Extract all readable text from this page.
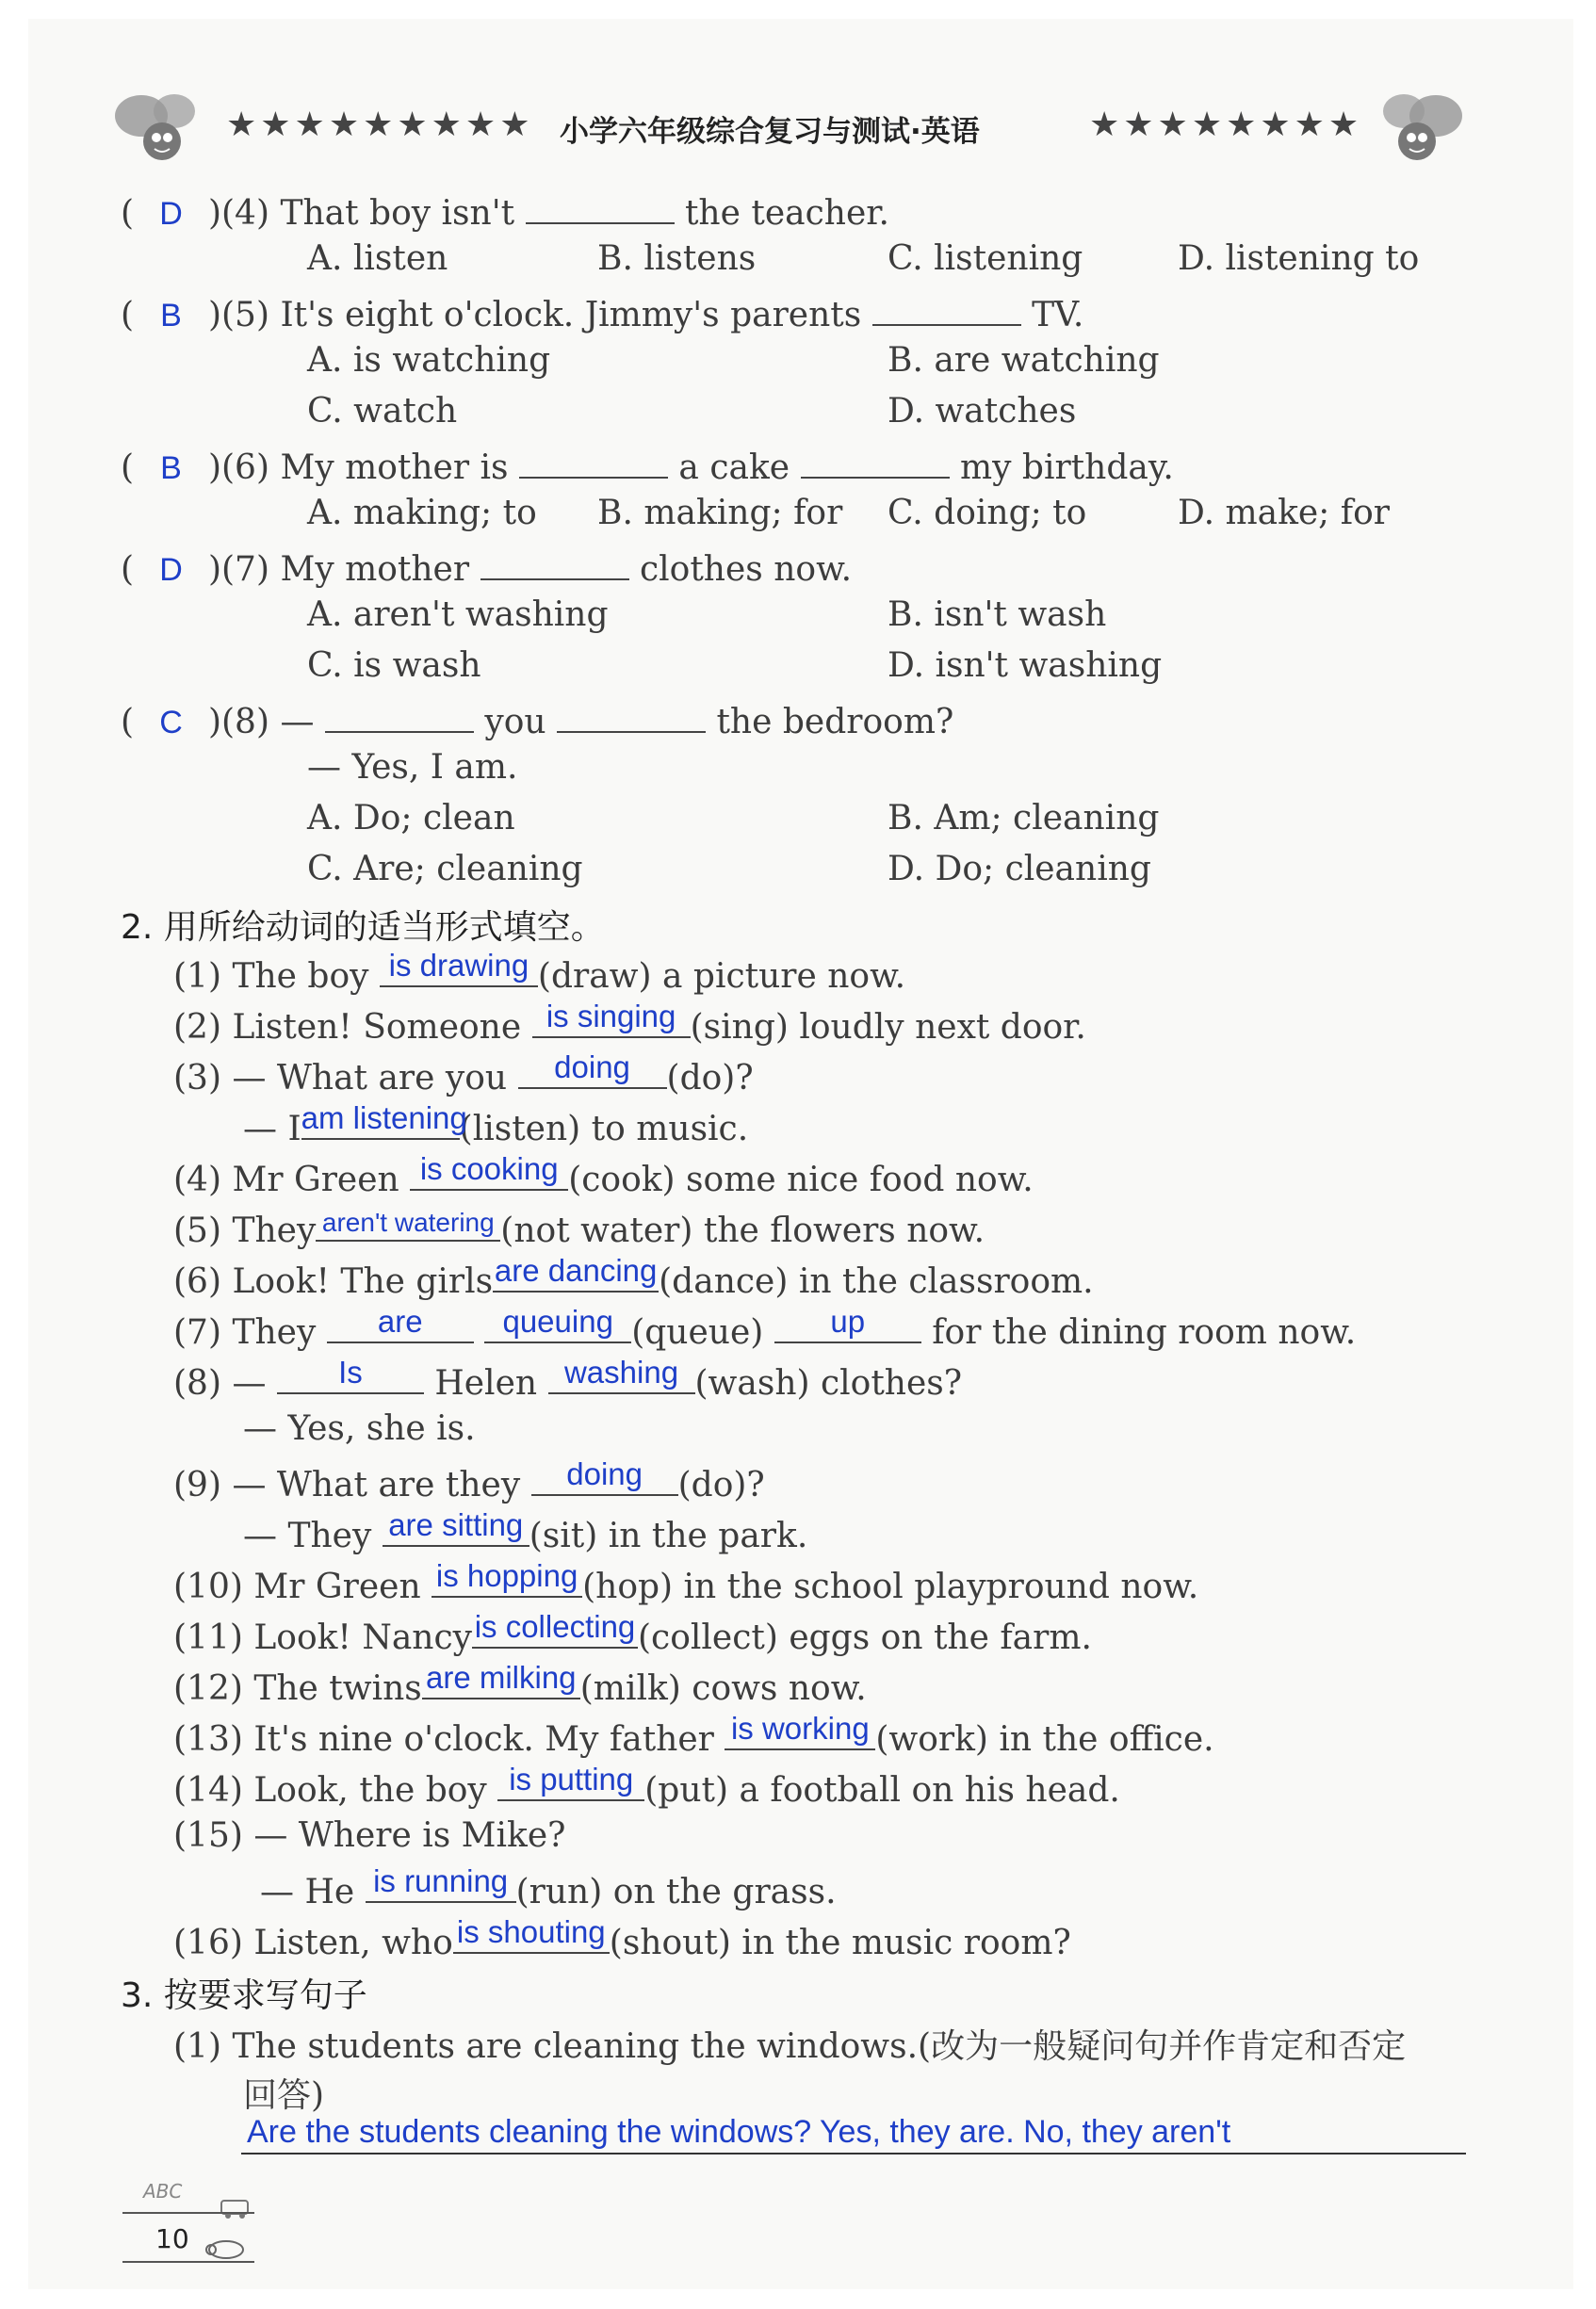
★★★★★★★★★ 小学六年级综合复习与测试·英语	★★★★★★★★
( D )(4) That boy isn't	the teacher.
A. listen	B. listens	C. listening	D. listening to
( B )(5) It's eight o'clock. Jimmy's parents	TV.
A. is watching	B. are watching
C. watch	D. watches
( B )(6) My mother is	a cake	my birthday.
A. making; to B. making; for C. doing; to	D. make; for
( D )(7) My mother	clothes now.
A. aren't washing	B. isn't wash
C. is wash	D. isn't washing
( C )(8) —	you	the bedroom?
— Yes, I am.
A. Do; clean	B. Am; cleaning
C. Are; cleaning	D. Do; cleaning
2. 用所给动词的适当形式填空。
(1) The boy is drawing (draw) a picture now.
(2) Listen! Someone is singing (sing) loudly next door.
(3) — What are you	doing	(do)?
— I am listening
(listen) to music.
(4) Mr Green is cooking (cook) some nice food now.
(5) They aren't watering (not water) the flowers now.
(6) Look! The girls are dancing (dance) in the classroom.
(7) They	are
	queuing (queue)	up	for the dining room now.
(8) —	Is	Helen washing (wash) clothes?
— Yes, she is.
(9) — What are they	doing	(do)?
— They are sitting (sit) in the park.
(10) Mr Green is hopping (hop) in the school playpround now.
(11) Look! Nancy is collecting (collect) eggs on the farm.
(12) The twins are milking (milk) cows now.
(13) It's nine o'clock. My father is working (work) in the office.
(14) Look, the boy is putting (put) a football on his head.
(15) — Where is Mike?
— He is running (run) on the grass.
(16) Listen, who is shouting (shout) in the music room?
3. 按要求写句子
(1) The students are cleaning the windows.(改为一般疑问句并作肯定和否定
回答)
Are the students cleaning the windows? Yes, they are. No, they aren't
ABC
10
